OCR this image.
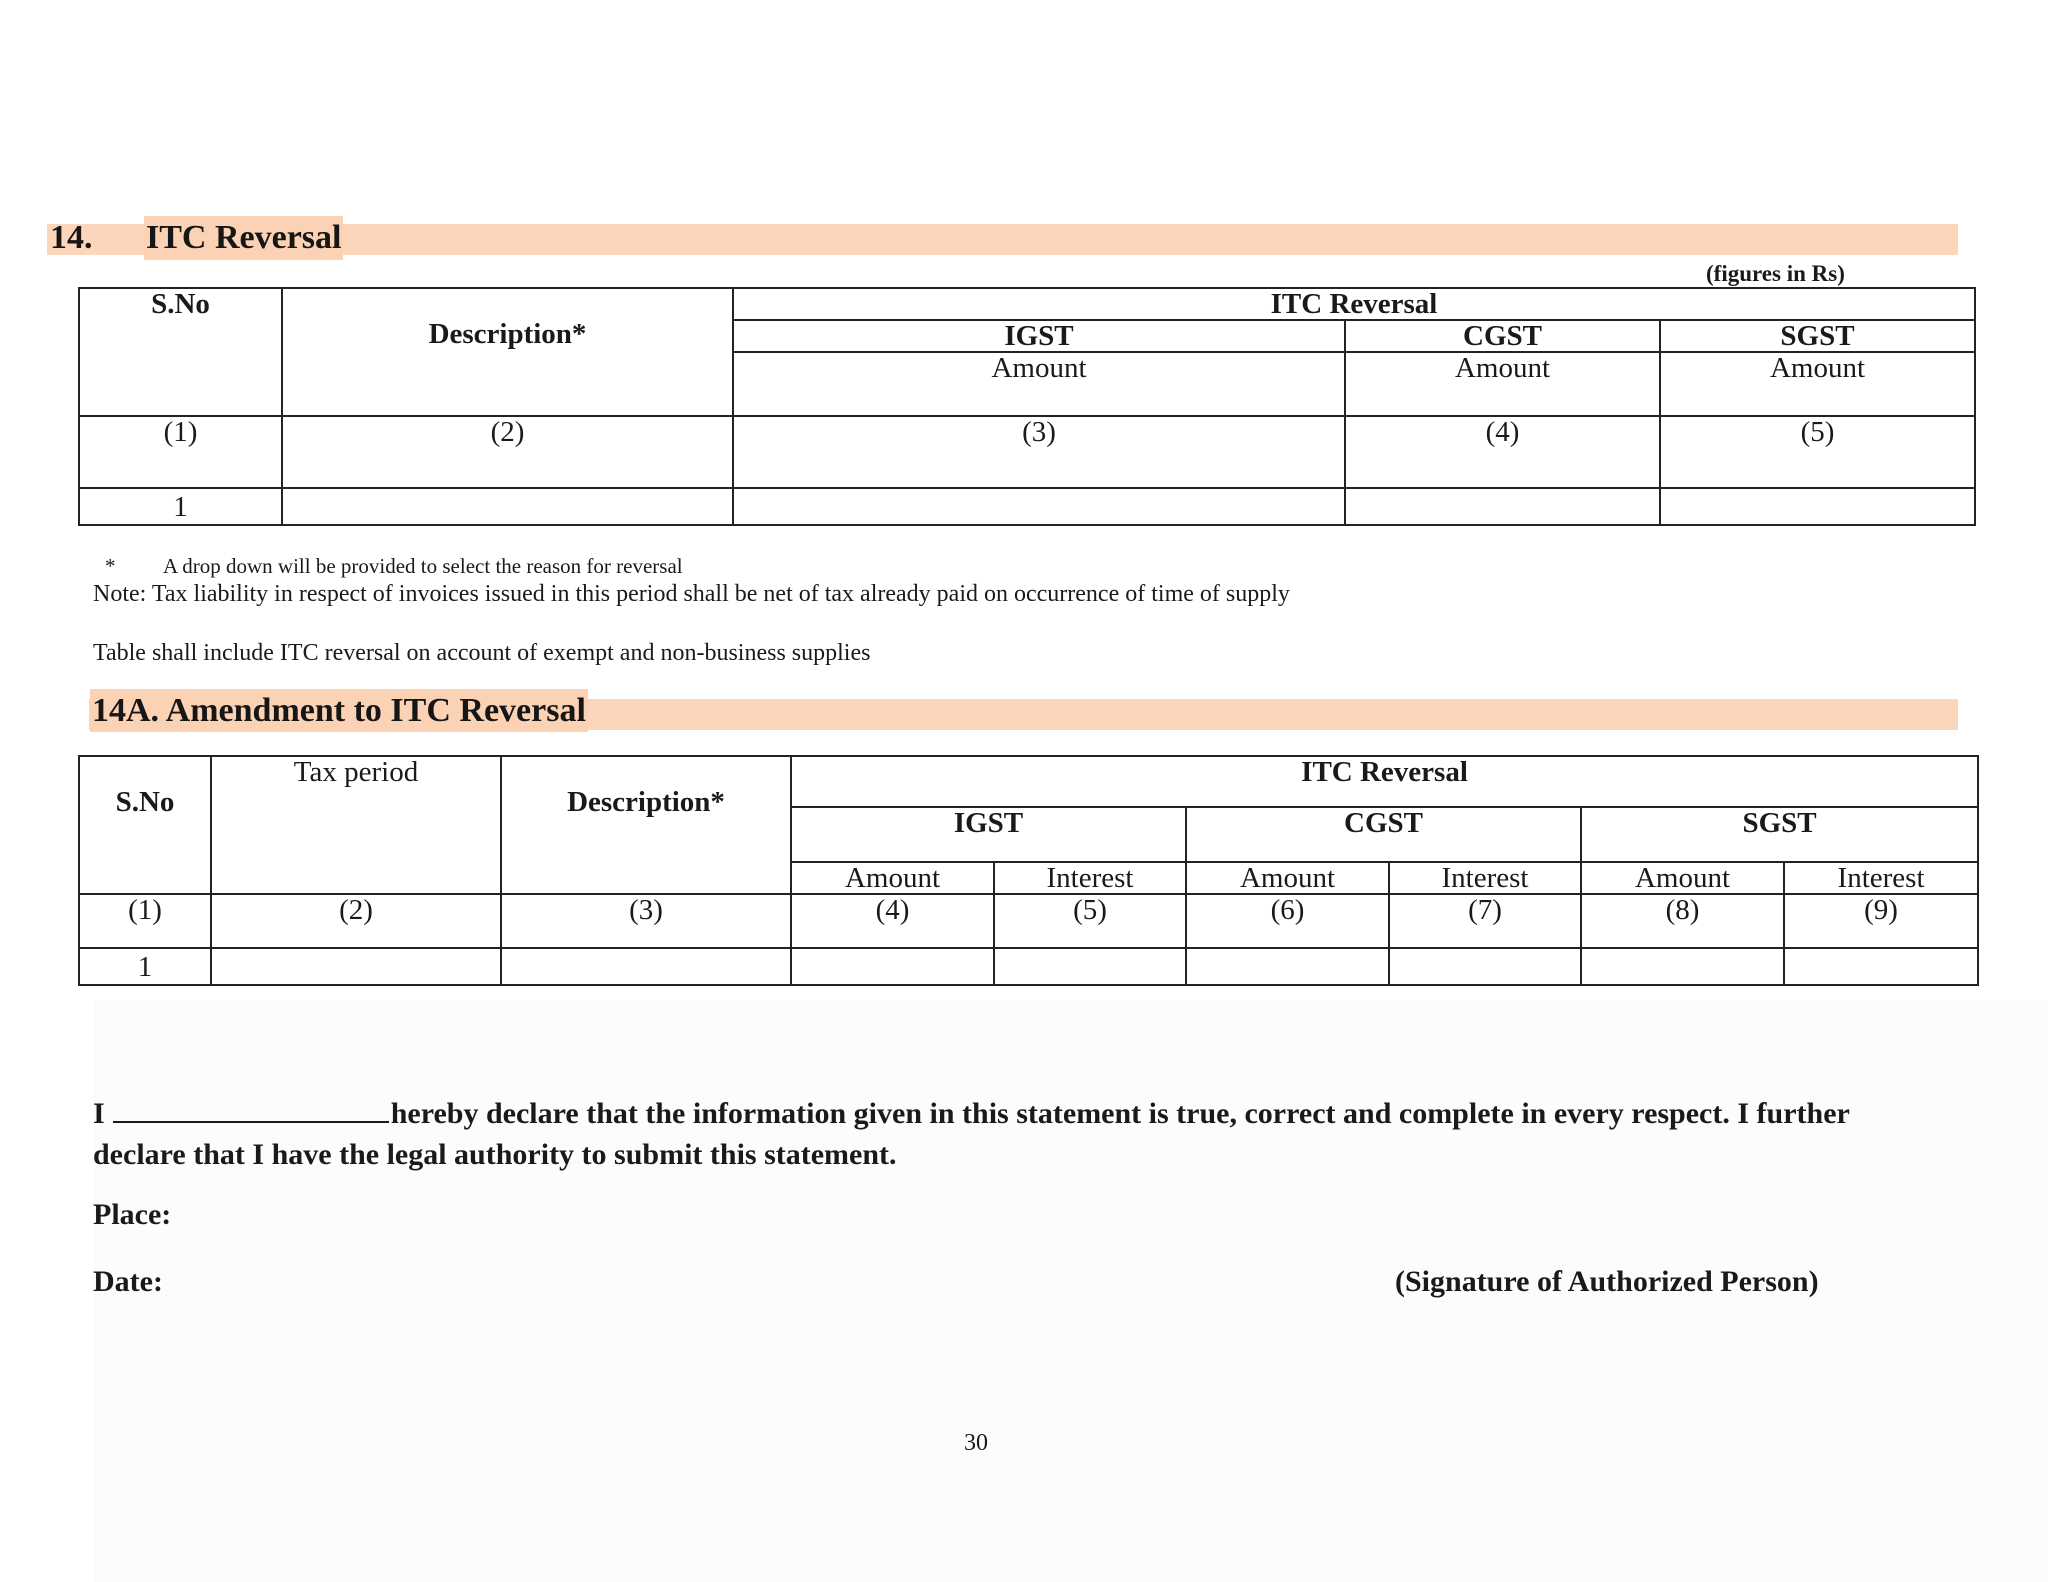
14. ITC Reversal
(figures in Rs)
S.No	Description*	ITC Reversal		
		IGST	CGST	SGST
		Amount	Amount	Amount
(1)	(2)	(3)	(4)	(5)
1				
* A drop down will be provided to select the reason for reversal
Note: Tax liability in respect of invoices issued in this period shall be net of tax already paid on occurrence of time of supply
Table shall include ITC reversal on account of exempt and non-business supplies
14A. Amendment to ITC Reversal
S.No	Tax period	Description*	ITC Reversal					
			IGST		CGST		SGST	
			Amount	Interest	Amount	Interest	Amount	Interest
(1)	(2)	(3)	(4)	(5)	(6)	(7)	(8)	(9)
1								
I	hereby declare that the information given in this statement is true, correct and complete in every respect. I further declare that I have the legal authority to submit this statement.
Place:
Date:	(Signature of Authorized Person)
30
